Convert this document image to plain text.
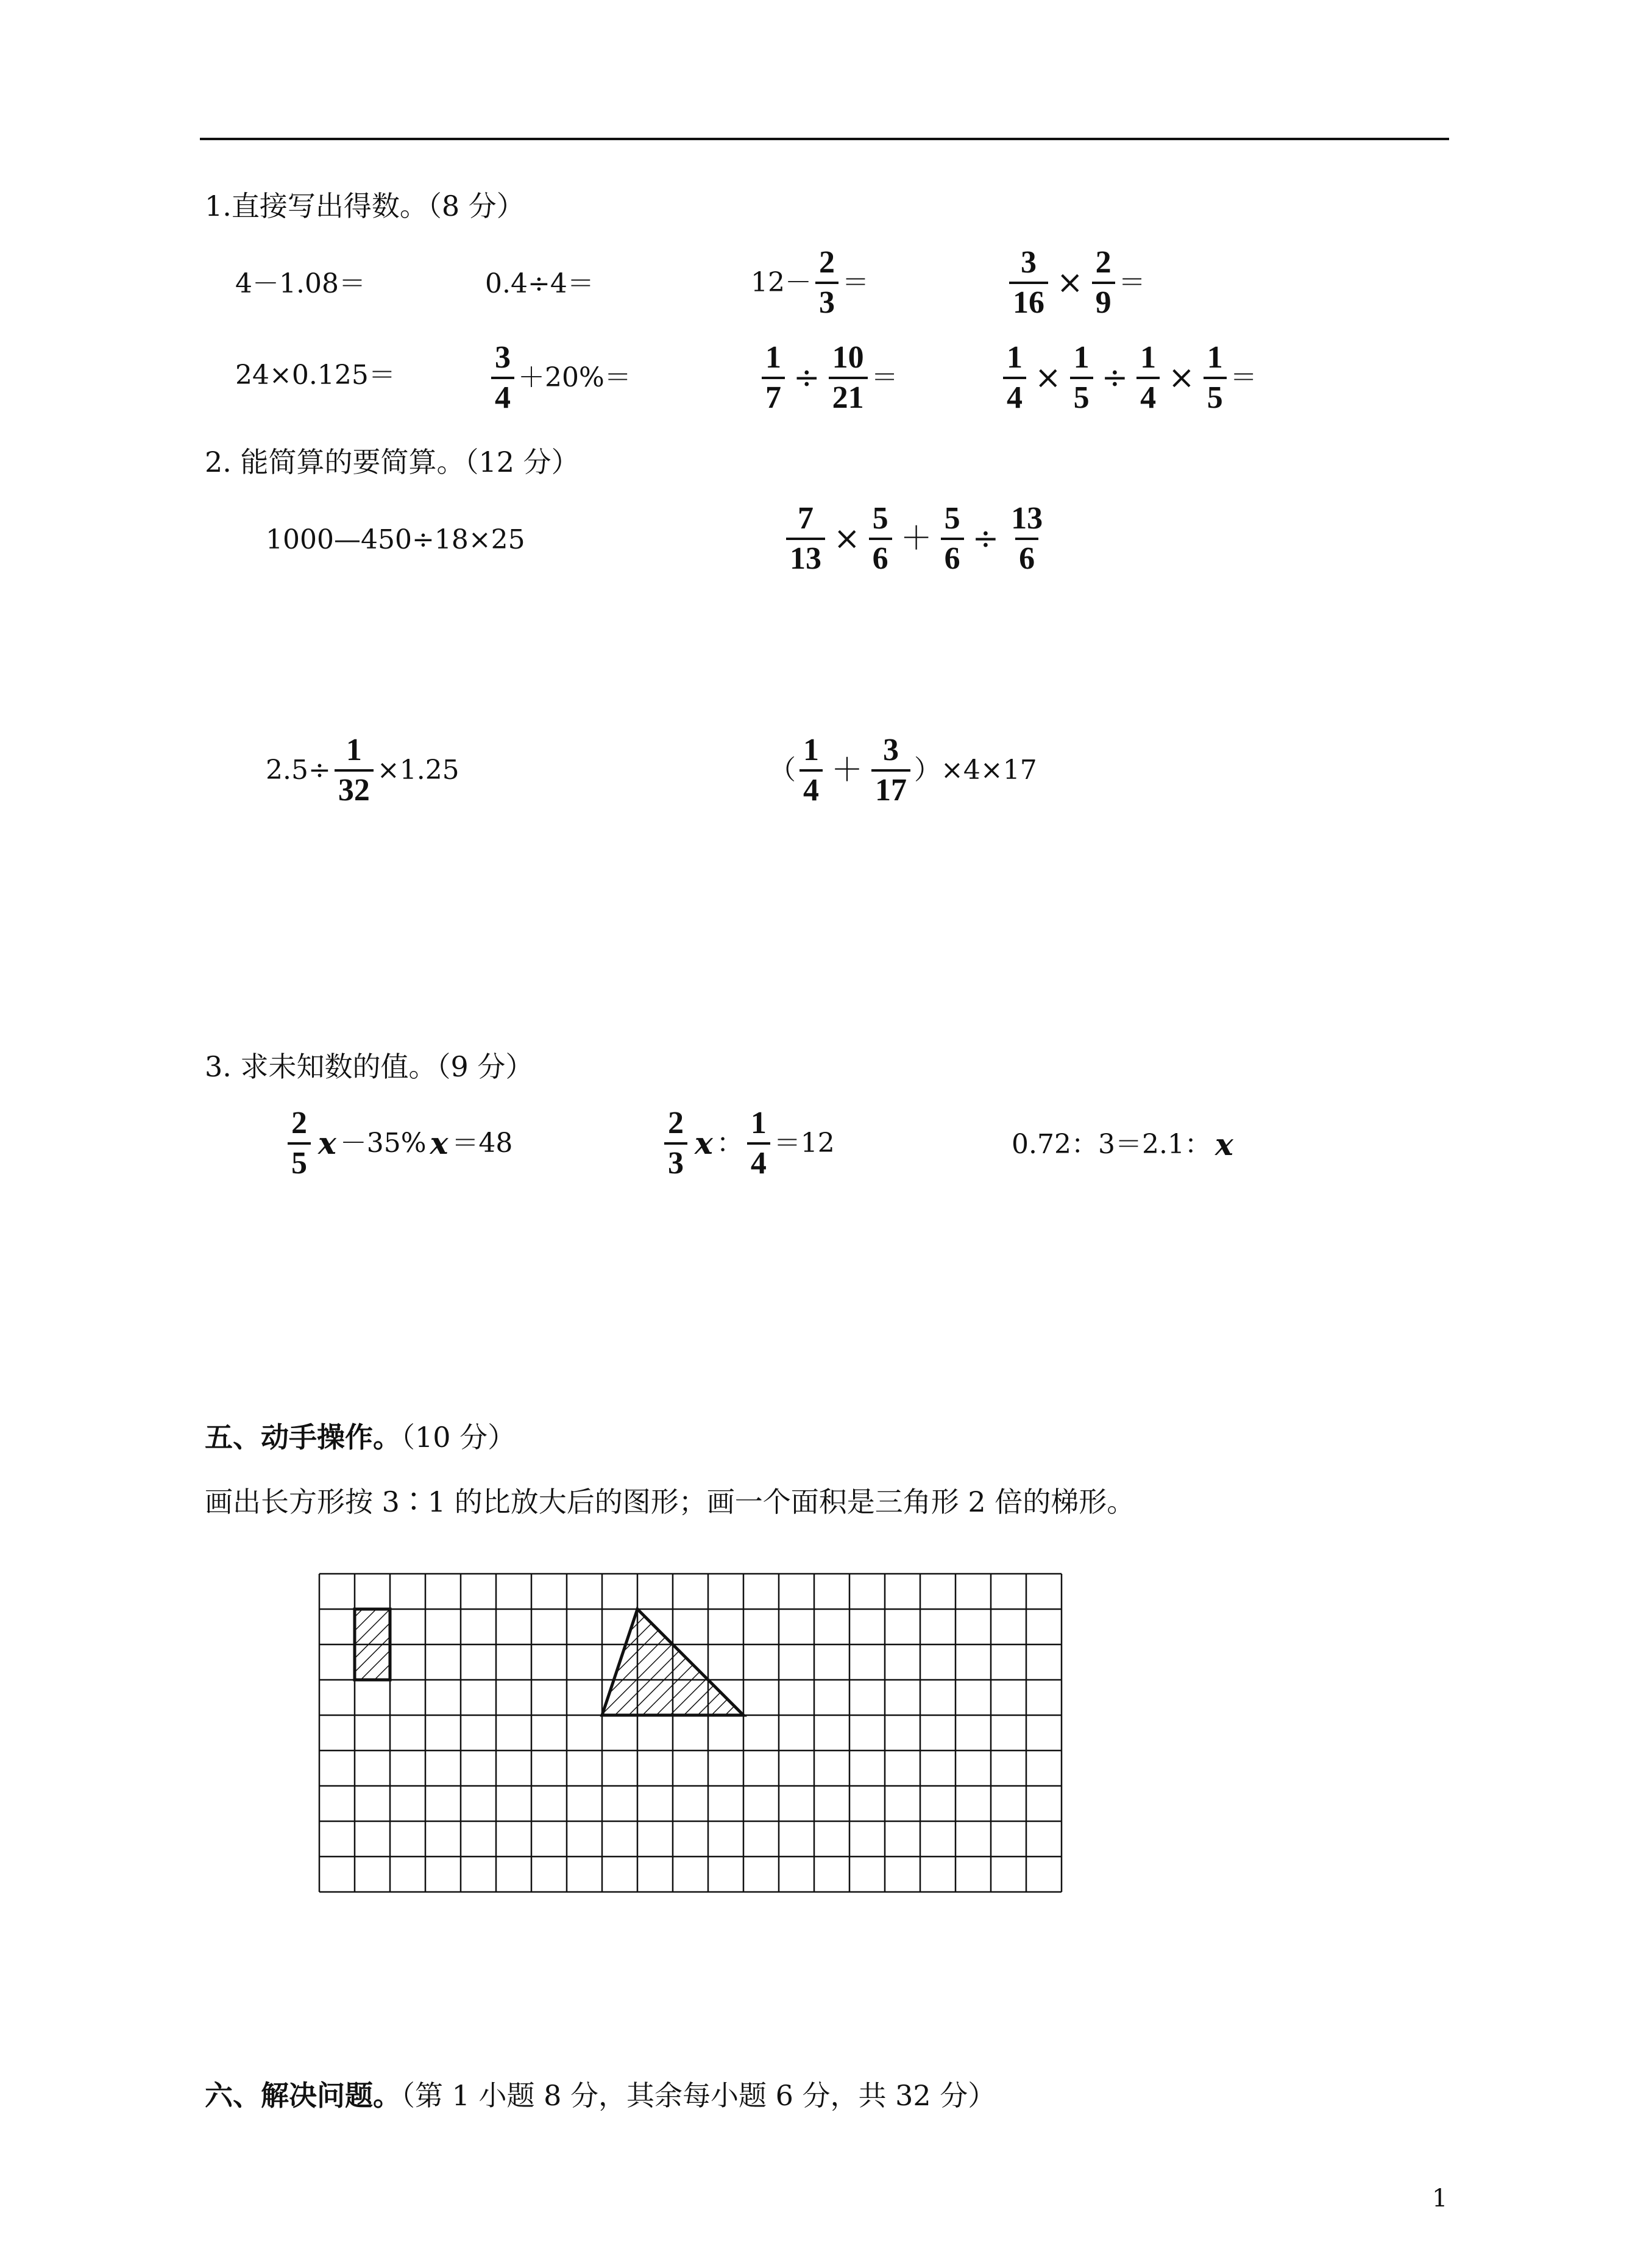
1.直接写出得数。（8 分）
4－1.08＝	0.4÷4＝	$12- \frac{2}{3}$ ＝	$\frac{3}{16} \times \frac{2}{9}$ ＝
24×0.125＝	$\frac{3}{4} +20\%=$	$\frac{1}{7} \div \frac{10}{21}$ ＝	$\frac{1}{4} \times \frac{1}{5} \div \frac{1}{4} \times \frac{1}{5}$ ＝
2. 能简算的要简算。（12 分）
1000—450÷18×25	$\frac{7}{13} \times \frac{5}{6} + \frac{5}{6} \div \frac{13}{6}$
$2.5\div \frac{1}{32} \times 1.25$	（ $\frac{1}{4} + \frac{3}{17} )\times 4\times 17$
3. 求未知数的值。（9 分）
$\frac{2}{5}$ x －35% x ＝48	$\frac{2}{3}$ x ： $\frac{1}{4} =12$	0.72：3＝2.1： x
五、动手操作。（10 分）
画出长方形按 3∶1 的比放大后的图形；画一个面积是三角形 2 倍的梯形。
六、解决问题。（第 1 小题 8 分，其余每小题 6 分，共 32 分）
1
